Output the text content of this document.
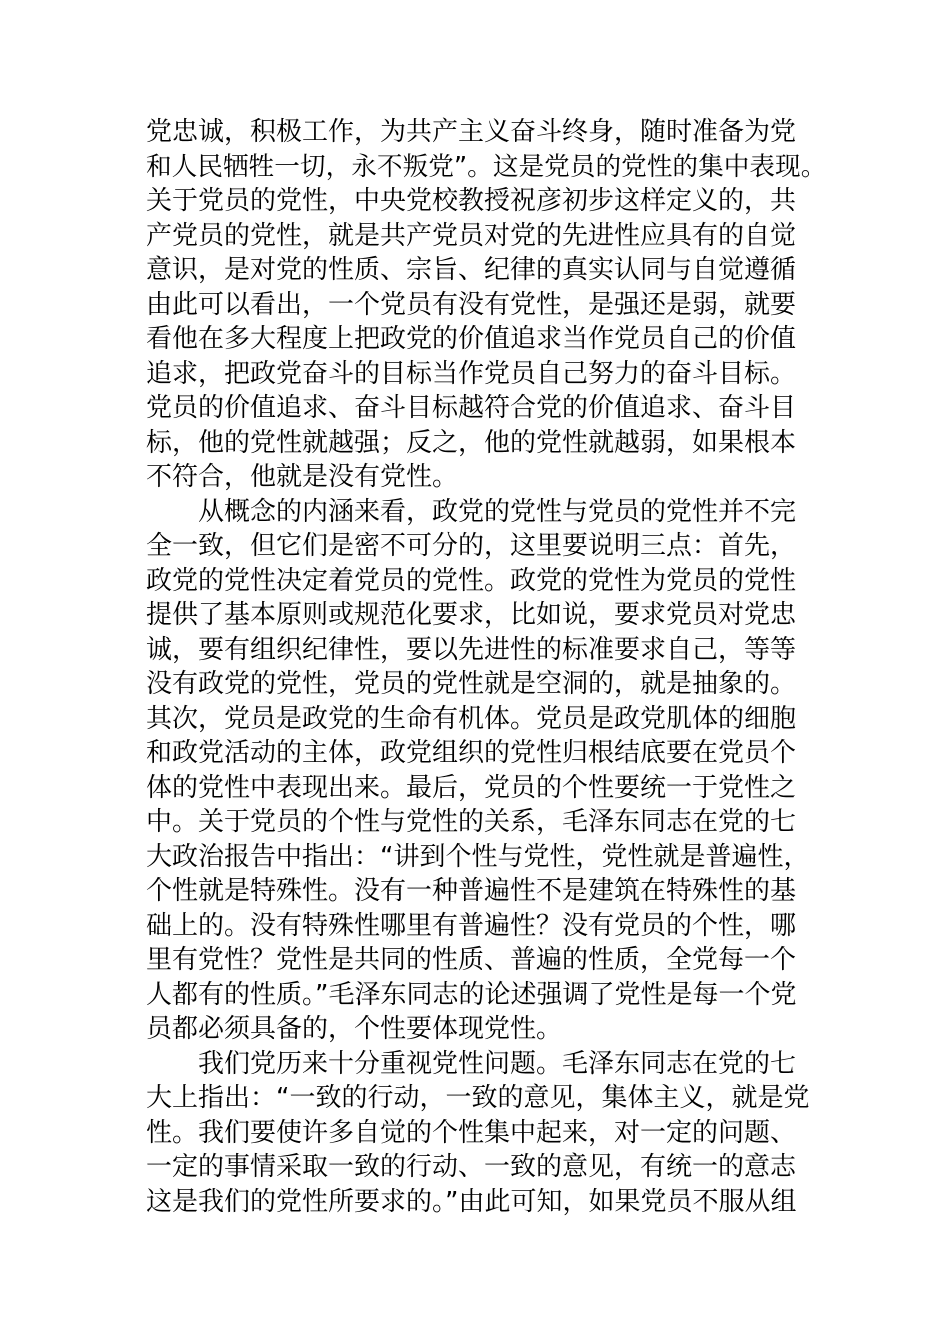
党忠诚，积极工作，为共产主义奋斗终身，随时准备为党
和人民牺牲一切，永不叛党”。这是党员的党性的集中表现。
关于党员的党性，中央党校教授祝彦初步这样定义的，共
产党员的党性，就是共产党员对党的先进性应具有的自觉
意识，是对党的性质、宗旨、纪律的真实认同与自觉遵循
由此可以看出，一个党员有没有党性，是强还是弱，就要
看他在多大程度上把政党的价值追求当作党员自己的价值
追求，把政党奋斗的目标当作党员自己努力的奋斗目标。
党员的价值追求、奋斗目标越符合党的价值追求、奋斗目
标，他的党性就越强；反之，他的党性就越弱，如果根本
不符合，他就是没有党性。
从概念的内涵来看，政党的党性与党员的党性并不完
全一致，但它们是密不可分的，这里要说明三点：首先，
政党的党性决定着党员的党性。政党的党性为党员的党性
提供了基本原则或规范化要求，比如说，要求党员对党忠
诚，要有组织纪律性，要以先进性的标准要求自己，等等
没有政党的党性，党员的党性就是空洞的，就是抽象的。
其次，党员是政党的生命有机体。党员是政党肌体的细胞
和政党活动的主体，政党组织的党性归根结底要在党员个
体的党性中表现出来。最后，党员的个性要统一于党性之
中。关于党员的个性与党性的关系，毛泽东同志在党的七
大政治报告中指出：“讲到个性与党性，党性就是普遍性，
个性就是特殊性。没有一种普遍性不是建筑在特殊性的基
础上的。没有特殊性哪里有普遍性？没有党员的个性，哪
里有党性？党性是共同的性质、普遍的性质，全党每一个
人都有的性质。”毛泽东同志的论述强调了党性是每一个党
员都必须具备的，个性要体现党性。
我们党历来十分重视党性问题。毛泽东同志在党的七
大上指出：“一致的行动，一致的意见，集体主义，就是党
性。我们要使许多自觉的个性集中起来，对一定的问题、
一定的事情采取一致的行动、一致的意见，有统一的意志
这是我们的党性所要求的。”由此可知，如果党员不服从组
